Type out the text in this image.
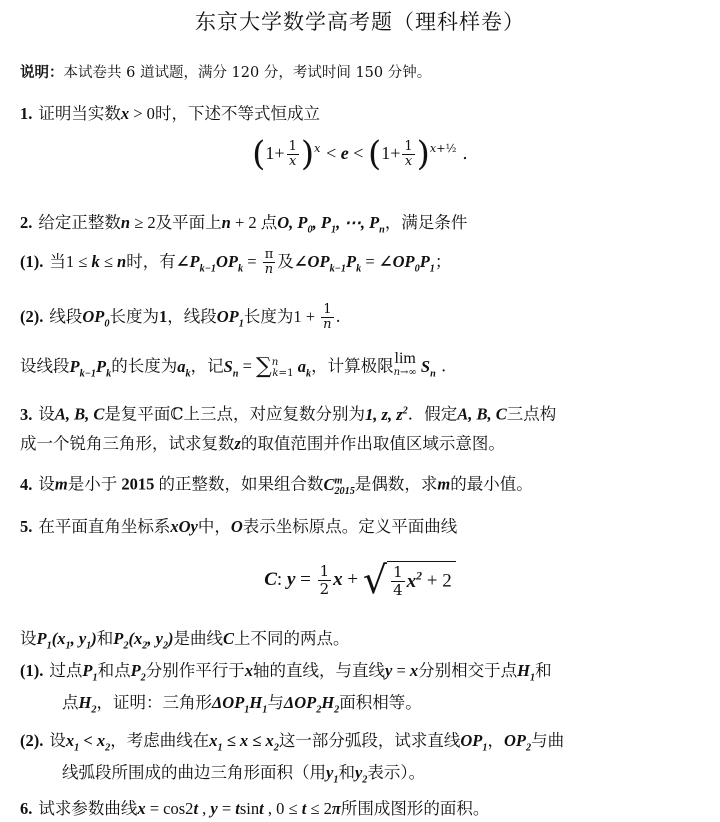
东京大学数学高考题（理科样卷）
说明：本试卷共 6 道试题，满分 120 分，考试时间 150 分钟。
1. 证明当实数x > 0时，下述不等式恒成立
$(1+ \frac{1}{x} )^x < e < (1+ \frac{1}{x} )^{x+\frac{1}{2}}$ .
2. 给定正整数n ≥ 2及平面上n + 2 点O, $P_0$, $P_1$, ⋯, $P_n$，满足条件
(1). 当1 ≤ k ≤ n时，有$\angle P_{k-1}OP_k = \frac{\pi}{n}$ 及$\angle OP_{k-1}P_k$ = $\angle OP_0P_1$；
(2). 线段$OP_0$长度为1，线段$OP_1$长度为$1 + \frac{1}{n}$ .
设线段$P_{k-1}P_k$的长度为$a_k$，记$S_n = \sum^n_{k=1}$ $a_k$，计算极限 lim
n→∞ $S_n$ .
3. 设A, B, C是复平面ℂ上三点，对应复数分别为1, z, $z^2$．假定A, B, C三点构
成一个锐角三角形，试求复数z的取值范围并作出取值区域示意图。
4. 设m是小于 2015 的正整数，如果组合数$C^m_{2015}$是偶数，求m的最小值。
5. 在平面直角坐标系xOy中，O表示坐标原点。定义平面曲线
C: $y = \frac{1}{2}$ x + √ $\frac{1}{4} x^2 + 2$
设$P_1(x_1$, $y_1$)和$P_2(x_2$, $y_2$)是曲线C上不同的两点。
(1). 过点$P_1$和点$P_2$分别作平行于x轴的直线，与直线y = x分别相交于点$H_1$和
点$H_2$，证明：三角形$\Delta OP_1H_1$与$\Delta OP_2H_2$面积相等。
(2). 设$x_1 < x_2$，考虑曲线在$x_1 \le x \le x_2$这一部分弧段，试求直线$OP_1$，$OP_2$与曲
线弧段所围成的曲边三角形面积（用$y_1$和$y_2$表示）。
6. 试求参数曲线x = cos2t , y = tsint , 0 ≤ t ≤ 2π所围成图形的面积。
